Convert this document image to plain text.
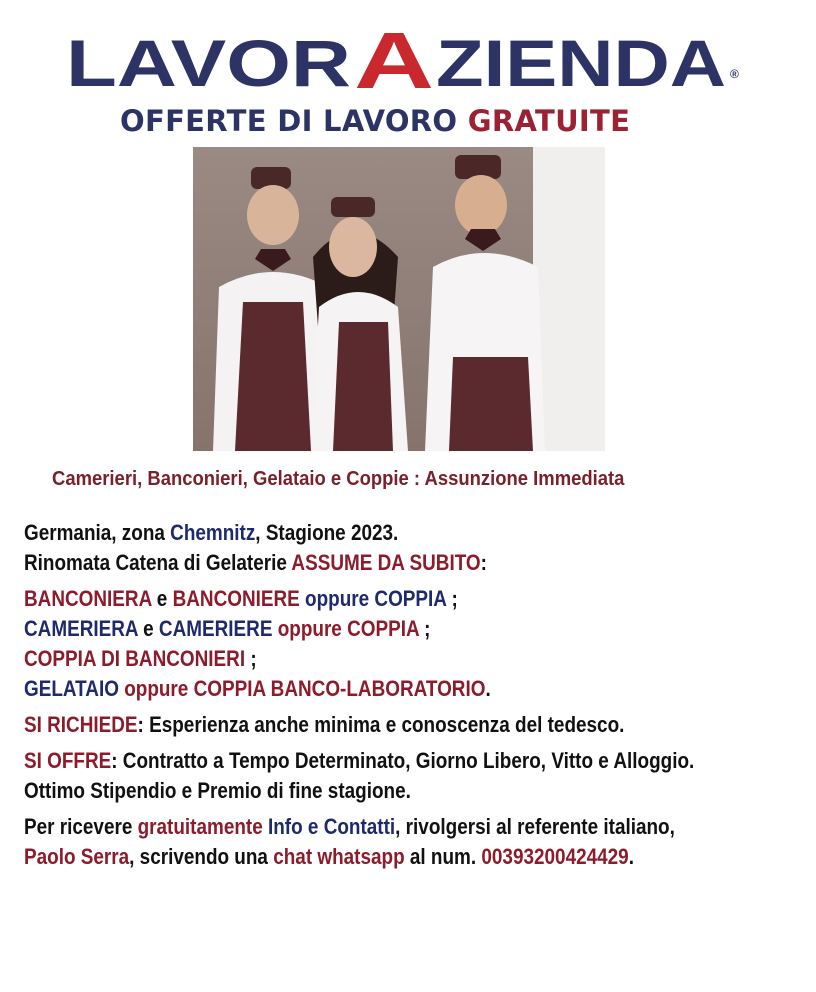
LAVOR A ZIENDA ®
OFFERTE DI LAVORO GRATUITE
Camerieri, Banconieri, Gelataio e Coppie : Assunzione Immediata

Germania, zona Chemnitz, Stagione 2023.

Rinomata Catena di Gelaterie ASSUME DA SUBITO:

BANCONIERA e BANCONIERE oppure COPPIA ;

CAMERIERA e CAMERIERE oppure COPPIA ;

COPPIA DI BANCONIERI ;

GELATAIO oppure COPPIA BANCO-LABORATORIO.

SI RICHIEDE: Esperienza anche minima e conoscenza del tedesco.

SI OFFRE: Contratto a Tempo Determinato, Giorno Libero, Vitto e Alloggio.

Ottimo Stipendio e Premio di fine stagione.

Per ricevere gratuitamente Info e Contatti, rivolgersi al referente italiano,

Paolo Serra, scrivendo una chat whatsapp al num. 00393200424429.
